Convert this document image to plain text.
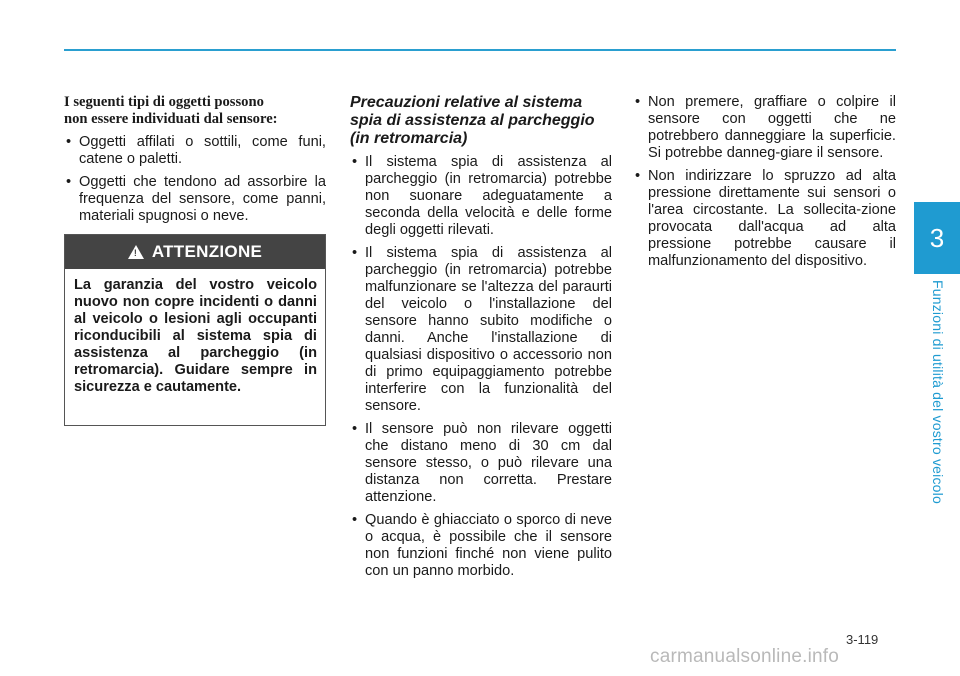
3
Funzioni di utilità del vostro veicolo
I seguenti tipi di oggetti possono
non essere individuati dal sensore:
• Oggetti affilati o sottili, come funi, catene o paletti.
• Oggetti che tendono ad assorbire la frequenza del sensore, come panni, materiali spugnosi o neve.
! ATTENZIONE
La garanzia del vostro veicolo nuovo non copre incidenti o danni al veicolo o lesioni agli occupanti riconducibili al sistema spia di assistenza al parcheggio (in retromarcia). Guidare sempre in sicurezza e cautamente.
Precauzioni relative al sistema spia di assistenza al parcheggio (in retromarcia)
• Il sistema spia di assistenza al parcheggio (in retromarcia) potrebbe non suonare adeguatamente a seconda della velocità e delle forme degli oggetti rilevati.
• Il sistema spia di assistenza al parcheggio (in retromarcia) potrebbe malfunzionare se l'altezza del paraurti del veicolo o l'installazione del sensore hanno subito modifiche o danni. Anche l'installazione di qualsiasi dispositivo o accessorio non di primo equipaggiamento potrebbe interferire con la funzionalità del sensore.
• Il sensore può non rilevare oggetti che distano meno di 30 cm dal sensore stesso, o può rilevare una distanza non corretta. Prestare attenzione.
• Quando è ghiacciato o sporco di neve o acqua, è possibile che il sensore non funzioni finché non viene pulito con un panno morbido.
• Non premere, graffiare o colpire il sensore con oggetti che ne potrebbero danneggiare la superficie. Si potrebbe danneg-giare il sensore.
• Non indirizzare lo spruzzo ad alta pressione direttamente sui sensori o l'area circostante. La sollecita-zione provocata dall'acqua ad alta pressione potrebbe causare il malfunzionamento del dispositivo.
3-119
carmanualsonline.info
